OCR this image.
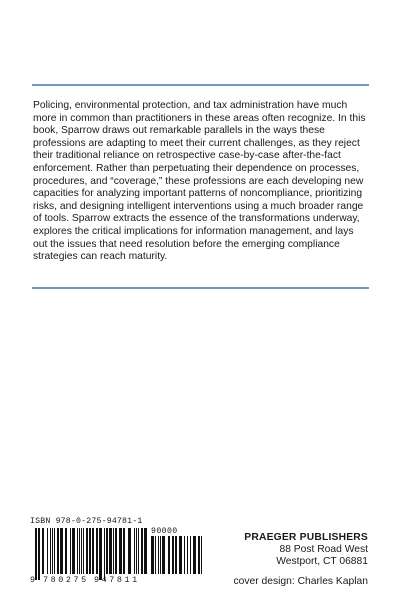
Policing, environmental protection, and tax administration have much more in common than practitioners in these areas often recognize. In this book, Sparrow draws out remarkable parallels in the ways these professions are adapting to meet their current challenges, as they reject their traditional reliance on retrospective case-by-case after-the-fact enforcement. Rather than perpetuating their dependence on processes, procedures, and “coverage,” these professions are each developing new capacities for analyzing important patterns of noncompliance, prioritizing risks, and designing intelligent interventions using a much broader range of tools. Sparrow extracts the essence of the transformations underway, explores the critical implications for information management, and lays out the issues that need resolution before the emerging compliance strategies can reach maturity.

ISBN 978-0-275-94781-1
90000
9 780275 947811
PRAEGER PUBLISHERS
88 Post Road West
Westport, CT 06881
cover design: Charles Kaplan
